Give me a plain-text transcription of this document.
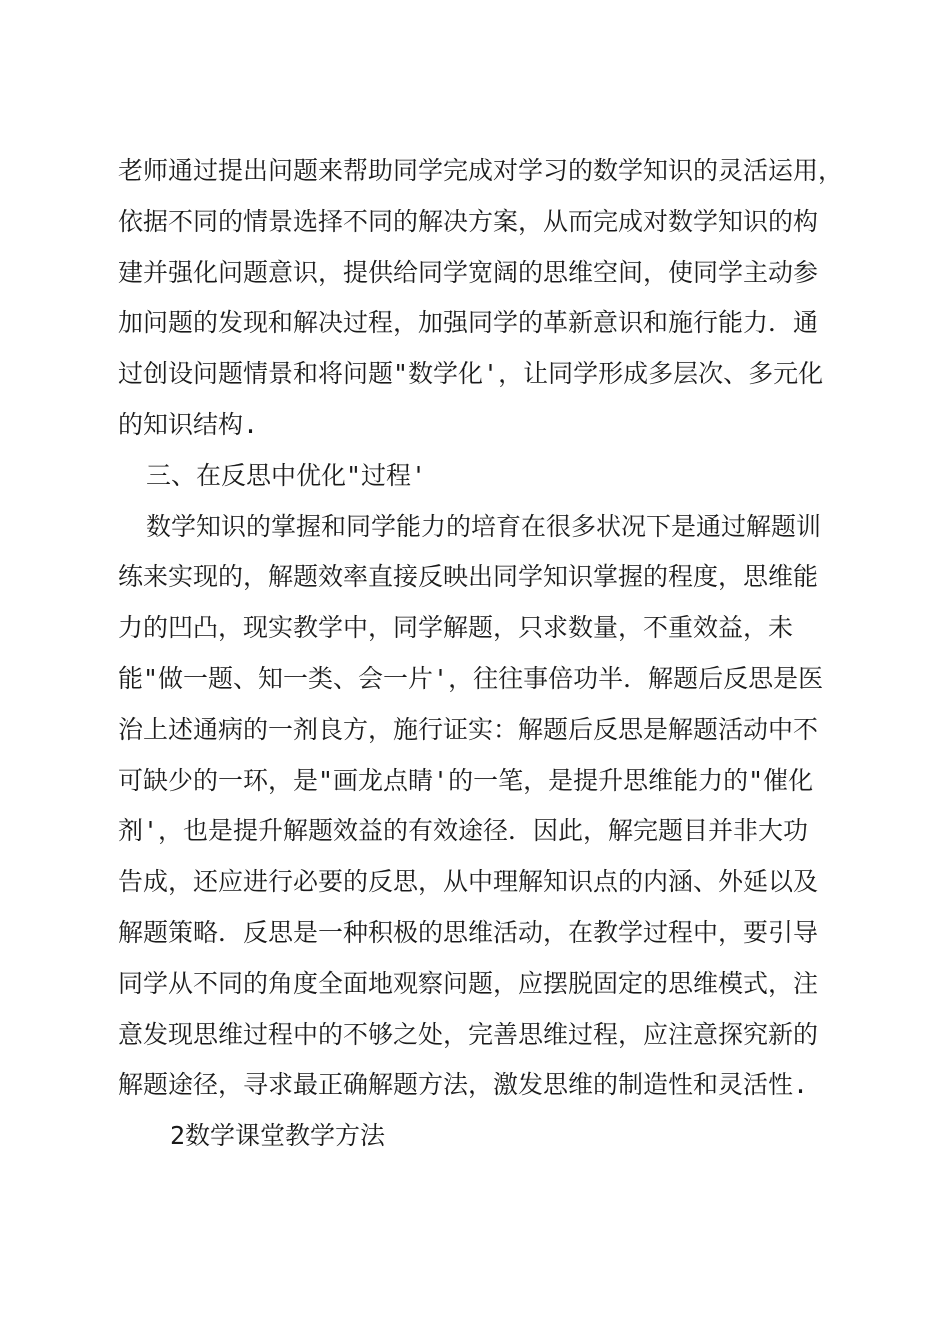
老师通过提出问题来帮助同学完成对学习的数学知识的灵活运用，

依据不同的情景选择不同的解决方案，从而完成对数学知识的构

建并强化问题意识，提供给同学宽阔的思维空间，使同学主动参

加问题的发现和解决过程，加强同学的革新意识和施行能力．通

过创设问题情景和将问题"数学化'，让同学形成多层次、多元化

的知识结构.

三、在反思中优化"过程'

数学知识的掌握和同学能力的培育在很多状况下是通过解题训

练来实现的，解题效率直接反映出同学知识掌握的程度，思维能

力的凹凸，现实教学中，同学解题，只求数量，不重效益，未

能"做一题、知一类、会一片'，往往事倍功半．解题后反思是医

治上述通病的一剂良方，施行证实：解题后反思是解题活动中不

可缺少的一环，是"画龙点睛'的一笔，是提升思维能力的"催化

剂'，也是提升解题效益的有效途径．因此，解完题目并非大功

告成，还应进行必要的反思，从中理解知识点的内涵、外延以及

解题策略．反思是一种积极的思维活动，在教学过程中，要引导

同学从不同的角度全面地观察问题，应摆脱固定的思维模式，注

意发现思维过程中的不够之处，完善思维过程，应注意探究新的

解题途径，寻求最正确解题方法，激发思维的制造性和灵活性.

2数学课堂教学方法
